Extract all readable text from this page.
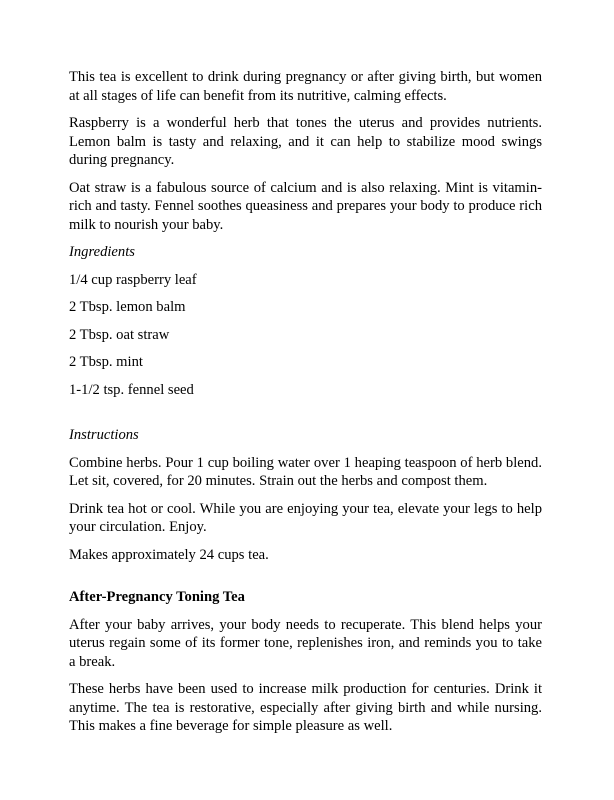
This tea is excellent to drink during pregnancy or after giving birth, but women at all stages of life can benefit from its nutritive, calming effects.

Raspberry is a wonderful herb that tones the uterus and provides nutrients. Lemon balm is tasty and relaxing, and it can help to stabilize mood swings during pregnancy.

Oat straw is a fabulous source of calcium and is also relaxing. Mint is vitamin-rich and tasty. Fennel soothes queasiness and prepares your body to produce rich milk to nourish your baby.

Ingredients

1/4 cup raspberry leaf

2 Tbsp. lemon balm

2 Tbsp. oat straw

2 Tbsp. mint

1-1/2 tsp. fennel seed

Instructions

Combine herbs. Pour 1 cup boiling water over 1 heaping teaspoon of herb blend. Let sit, covered, for 20 minutes. Strain out the herbs and compost them.

Drink tea hot or cool. While you are enjoying your tea, elevate your legs to help your circulation. Enjoy.

Makes approximately 24 cups tea.

After-Pregnancy Toning Tea

After your baby arrives, your body needs to recuperate. This blend helps your uterus regain some of its former tone, replenishes iron, and reminds you to take a break.

These herbs have been used to increase milk production for centuries. Drink it anytime. The tea is restorative, especially after giving birth and while nursing. This makes a fine beverage for simple pleasure as well.
